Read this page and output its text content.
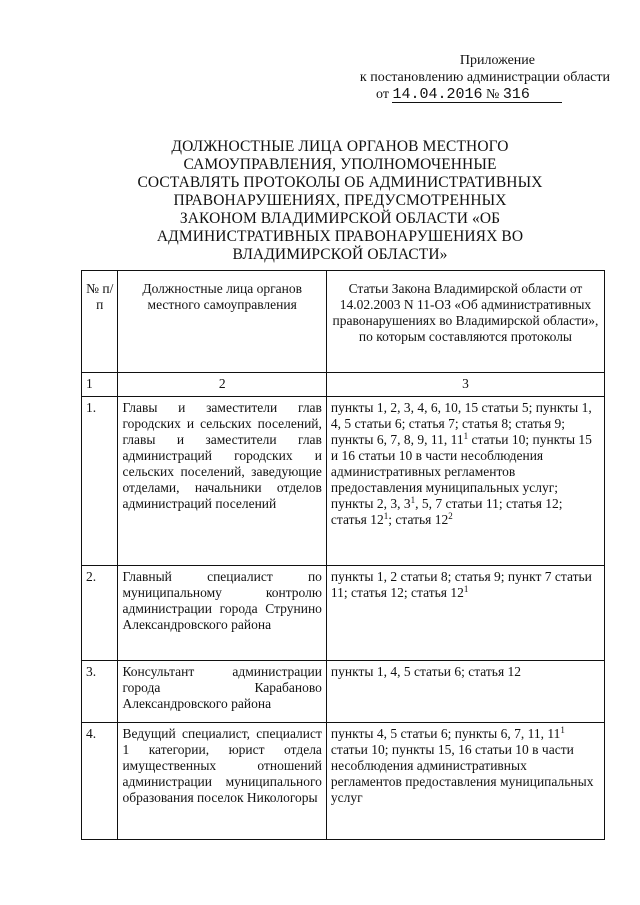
Приложение
к постановлению администрации области
от 14.04.2016 № 316
ДОЛЖНОСТНЫЕ ЛИЦА ОРГАНОВ МЕСТНОГО
САМОУПРАВЛЕНИЯ, УПОЛНОМОЧЕННЫЕ
СОСТАВЛЯТЬ ПРОТОКОЛЫ ОБ АДМИНИСТРАТИВНЫХ
ПРАВОНАРУШЕНИЯХ, ПРЕДУСМОТРЕННЫХ
ЗАКОНОМ ВЛАДИМИРСКОЙ ОБЛАСТИ «ОБ
АДМИНИСТРАТИВНЫХ ПРАВОНАРУШЕНИЯХ ВО
ВЛАДИМИРСКОЙ ОБЛАСТИ»
№ п/п	Должностные лица органов местного самоуправления	Статьи Закона Владимирской области от 14.02.2003 N 11-ОЗ «Об административных правонарушениях во Владимирской области», по которым составляются протоколы
1	2	3
1.	Главы и заместители глав городских и сельских поселений, главы и заместители глав администраций городских и сельских поселений, заведующие отделами, начальники отделов администраций поселений	пункты 1, 2, 3, 4, 6, 10, 15 статьи 5; пункты 1, 4, 5 статьи 6; статья 7; статья 8; статья 9; пункты 6, 7, 8, 9, 11, $11^1$ статьи 10; пункты 15 и 16 статьи 10 в части несоблюдения административных регламентов предоставления муниципальных услуг;
пункты 2, 3, $3^1$, 5, 7 статьи 11; статья 12; статья $12^1$; статья $12^2$
2.	Главный специалист по муниципальному контролю администрации города Струнино Александровского района	пункты 1, 2 статьи 8; статья 9; пункт 7 статьи 11; статья 12; статья $12^1$
3.	Консультант администрации города Карабаново Александровского района	пункты 1, 4, 5 статьи 6; статья 12
4.	Ведущий специалист, специалист 1 категории, юрист отдела имущественных отношений администрации муниципального образования поселок Никологоры	пункты 4, 5 статьи 6; пункты 6, 7, 11, $11^1$ статьи 10; пункты 15, 16 статьи 10 в части несоблюдения административных регламентов предоставления муниципальных услуг
